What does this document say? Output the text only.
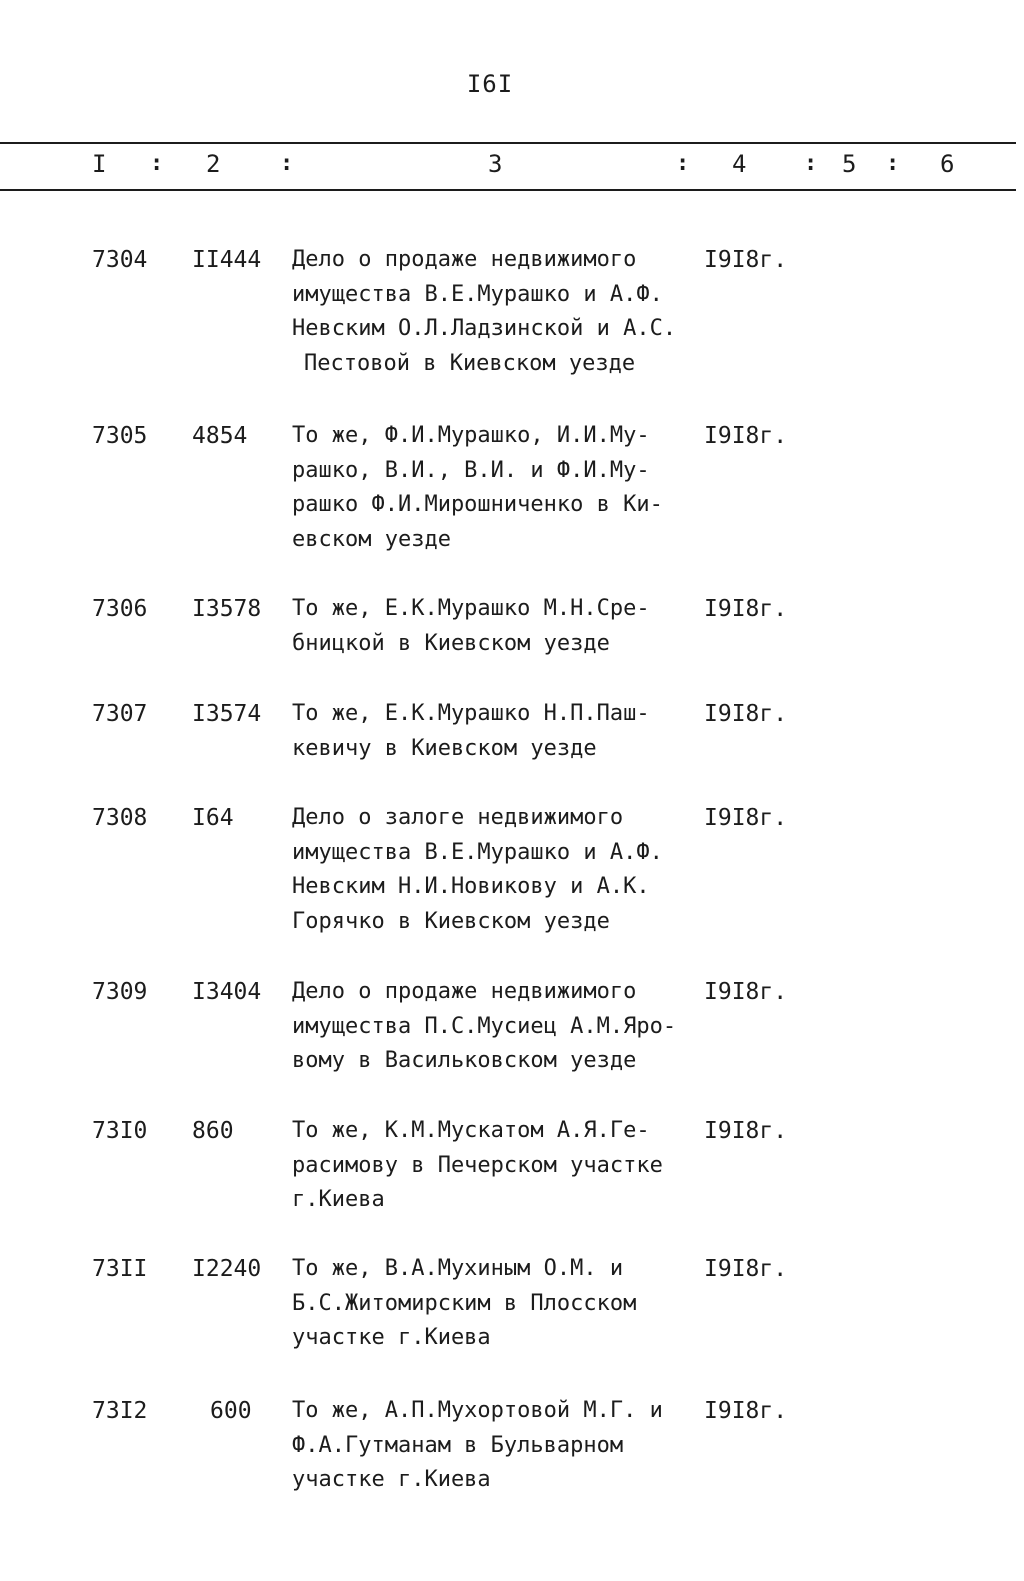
I6I
I : 2	:	3	: 4	: 5 : 6
7304 II444 Дело о продаже недвижимого
имущества В.Е.Мурашко и А.Ф.
Невским О.Л.Ладзинской и А.С.
Пестовой в Киевском уезде
I9I8г.
7305 4854 То же, Ф.И.Мурашко, И.И.Му-
рашко, В.И., В.И. и Ф.И.Му-
рашко Ф.И.Мирошниченко в Ки-
евском уезде
I9I8г.
7306 I3578 То же, Е.К.Мурашко М.Н.Сре-
бницкой в Киевском уезде
I9I8г.
7307 I3574 То же, Е.К.Мурашко Н.П.Паш-
кевичу в Киевском уезде
I9I8г.
7308 I64	Дело о залоге недвижимого
имущества В.Е.Мурашко и А.Ф.
Невским Н.И.Новикову и А.К.
Горячко в Киевском уезде
I9I8г.
7309 I3404 Дело о продаже недвижимого
имущества П.С.Мусиец А.М.Яро-
вому в Васильковском уезде
I9I8г.
73I0 860	То же, К.М.Мускатом А.Я.Ге-
расимову в Печерском участке
г.Киева
I9I8г.
73II I2240 То же, В.А.Мухиным О.М. и
Б.С.Житомирским в Плосском
участке г.Киева
I9I8г.
73I2	600 То же, А.П.Мухортовой М.Г. и
Ф.А.Гутманам в Бульварном
участке г.Киева
I9I8г.
